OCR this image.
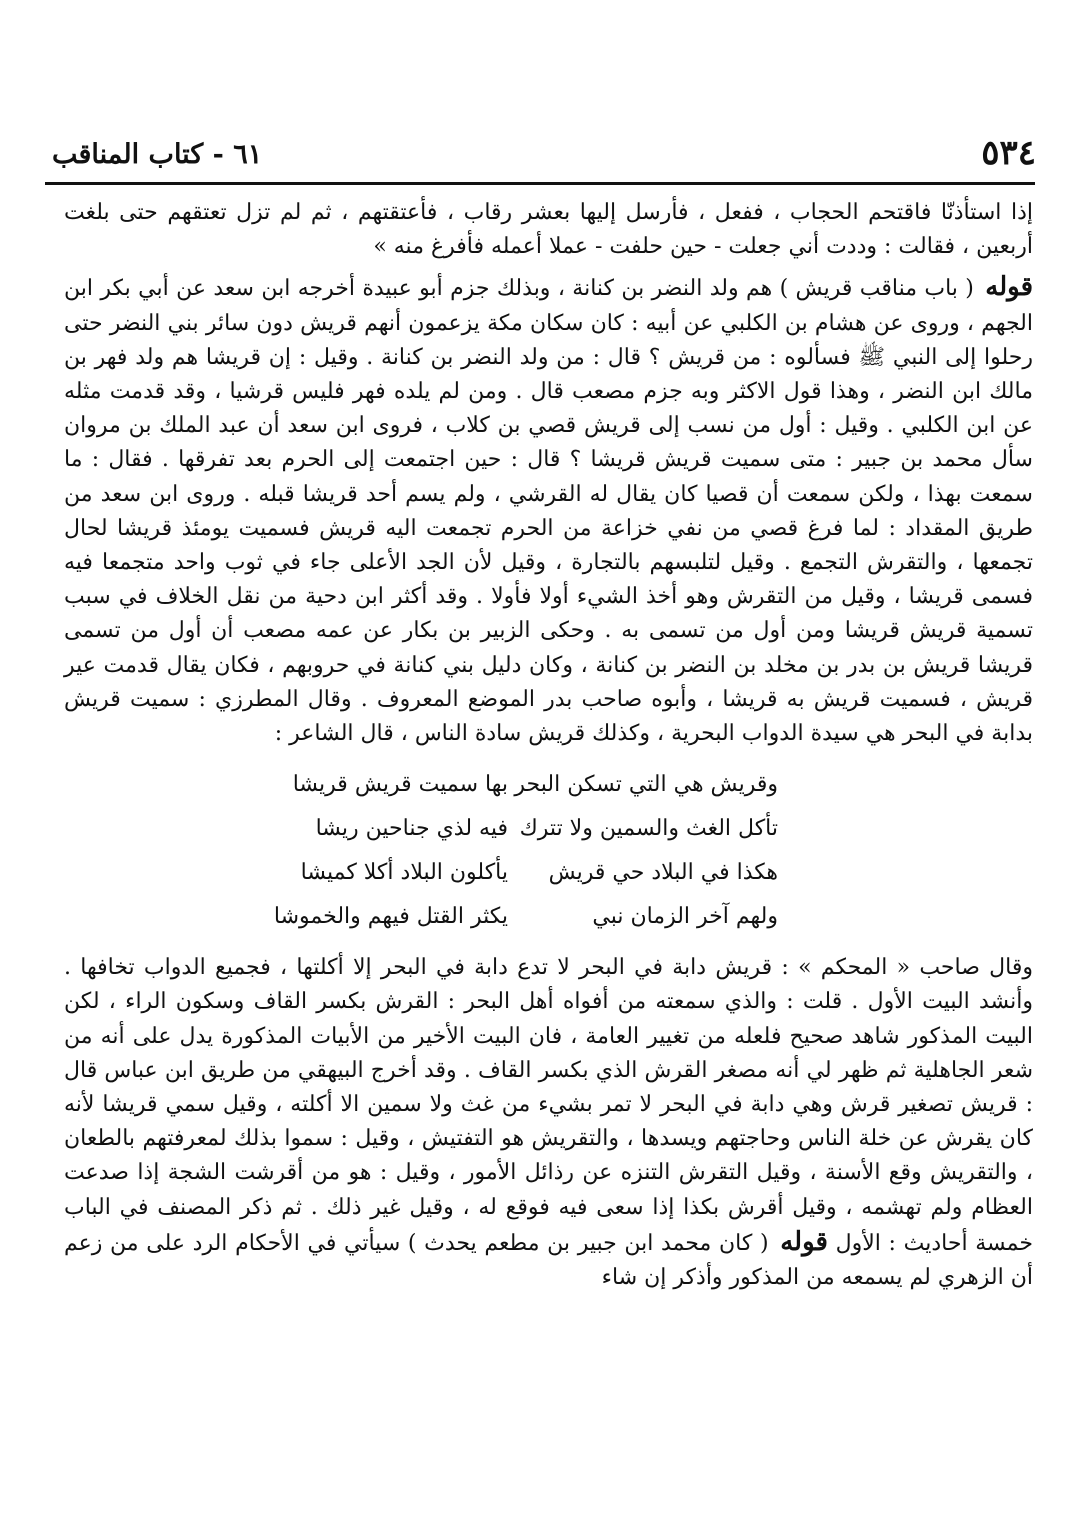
٥٣٤
٦١ - كتاب المناقب

إذا استأذنّا فاقتحم الحجاب ، ففعل ، فأرسل إليها بعشر رقاب ، فأعتقتهم ، ثم لم تزل تعتقهم حتى بلغت أربعين ، فقالت : وددت أني جعلت - حين حلفت - عملا أعمله فأفرغ منه »

قوله ( باب مناقب قريش ) هم ولد النضر بن كنانة ، وبذلك جزم أبو عبيدة أخرجه ابن سعد عن أبي بكر ابن الجهم ، وروى عن هشام بن الكلبي عن أبيه : كان سكان مكة يزعمون أنهم قريش دون سائر بني النضر حتى رحلوا إلى النبي ﷺ فسألوه : من قريش ؟ قال : من ولد النضر بن كنانة . وقيل : إن قريشا هم ولد فهر بن مالك ابن النضر ، وهذا قول الاكثر وبه جزم مصعب قال . ومن لم يلده فهر فليس قرشيا ، وقد قدمت مثله عن ابن الكلبي . وقيل : أول من نسب إلى قريش قصي بن كلاب ، فروى ابن سعد أن عبد الملك بن مروان سأل محمد بن جبير : متى سميت قريش قريشا ؟ قال : حين اجتمعت إلى الحرم بعد تفرقها . فقال : ما سمعت بهذا ، ولكن سمعت أن قصيا كان يقال له القرشي ، ولم يسم أحد قريشا قبله . وروى ابن سعد من طريق المقداد : لما فرغ قصي من نفي خزاعة من الحرم تجمعت اليه قريش فسميت يومئذ قريشا لحال تجمعها ، والتقرش التجمع . وقيل لتلبسهم بالتجارة ، وقيل لأن الجد الأعلى جاء في ثوب واحد متجمعا فيه فسمى قريشا ، وقيل من التقرش وهو أخذ الشيء أولا فأولا . وقد أكثر ابن دحية من نقل الخلاف في سبب تسمية قريش قريشا ومن أول من تسمى به . وحكى الزبير بن بكار عن عمه مصعب أن أول من تسمى قريشا قريش بن بدر بن مخلد بن النضر بن كنانة ، وكان دليل بني كنانة في حروبهم ، فكان يقال قدمت عير قريش ، فسميت قريش به قريشا ، وأبوه صاحب بدر الموضع المعروف . وقال المطرزي : سميت قريش بدابة في البحر هي سيدة الدواب البحرية ، وكذلك قريش سادة الناس ، قال الشاعر :

وقريش هي التي تسكن البحر
بها سميت قريش قريشا
تأكل الغث والسمين ولا تترك
فيه لذي جناحين ريشا
هكذا في البلاد حي قريش
يأكلون البلاد أكلا كميشا
ولهم آخر الزمان نبي
يكثر القتل فيهم والخموشا

وقال صاحب « المحكم » : قريش دابة في البحر لا تدع دابة في البحر إلا أكلتها ، فجميع الدواب تخافها . وأنشد البيت الأول . قلت : والذي سمعته من أفواه أهل البحر : القرش بكسر القاف وسكون الراء ، لكن البيت المذكور شاهد صحيح فلعله من تغيير العامة ، فان البيت الأخير من الأبيات المذكورة يدل على أنه من شعر الجاهلية ثم ظهر لي أنه مصغر القرش الذي بكسر القاف . وقد أخرج البيهقي من طريق ابن عباس قال : قريش تصغير قرش وهي دابة في البحر لا تمر بشيء من غث ولا سمين الا أكلته ، وقيل سمي قريشا لأنه كان يقرش عن خلة الناس وحاجتهم ويسدها ، والتقريش هو التفتيش ، وقيل : سموا بذلك لمعرفتهم بالطعان ، والتقريش وقع الأسنة ، وقيل التقرش التنزه عن رذائل الأمور ، وقيل : هو من أقرشت الشجة إذا صدعت العظام ولم تهشمه ، وقيل أقرش بكذا إذا سعى فيه فوقع له ، وقيل غير ذلك . ثم ذكر المصنف في الباب خمسة أحاديث : الأول قوله ( كان محمد ابن جبير بن مطعم يحدث ) سيأتي في الأحكام الرد على من زعم أن الزهري لم يسمعه من المذكور وأذكر إن شاء
